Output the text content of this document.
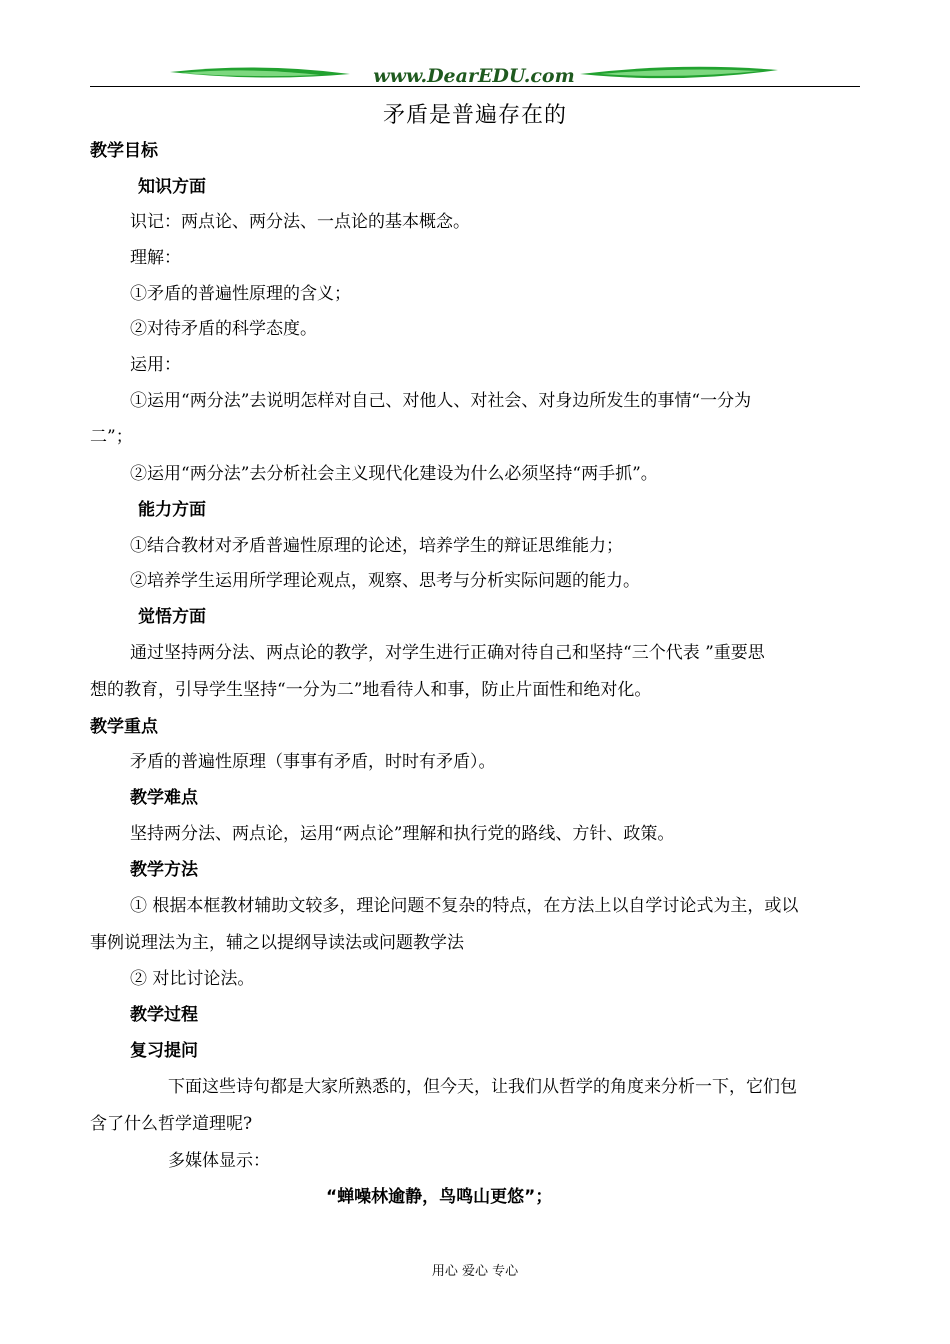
www.DearEDU.com
矛盾是普遍存在的
教学目标
知识方面
识记：两点论、两分法、一点论的基本概念。
理解：
①矛盾的普遍性原理的含义；
②对待矛盾的科学态度。
运用：
①运用“两分法”去说明怎样对自己、对他人、对社会、对身边所发生的事情“一分为
二”；
②运用“两分法”去分析社会主义现代化建设为什么必须坚持“两手抓”。
能力方面
①结合教材对矛盾普遍性原理的论述，培养学生的辩证思维能力；
②培养学生运用所学理论观点，观察、思考与分析实际问题的能力。
觉悟方面
通过坚持两分法、两点论的教学，对学生进行正确对待自己和坚持“三个代表 ”重要思
想的教育，引导学生坚持“一分为二”地看待人和事，防止片面性和绝对化。
教学重点
矛盾的普遍性原理（事事有矛盾，时时有矛盾）。
教学难点
坚持两分法、两点论，运用“两点论”理解和执行党的路线、方针、政策。
教学方法
① 根据本框教材辅助文较多，理论问题不复杂的特点，在方法上以自学讨论式为主，或以
事例说理法为主，辅之以提纲导读法或问题教学法
② 对比讨论法。
教学过程
复习提问
下面这些诗句都是大家所熟悉的，但今天，让我们从哲学的角度来分析一下，它们包
含了什么哲学道理呢?
多媒体显示：
“蝉噪林逾静，鸟鸣山更悠”；
用心 爱心 专心
